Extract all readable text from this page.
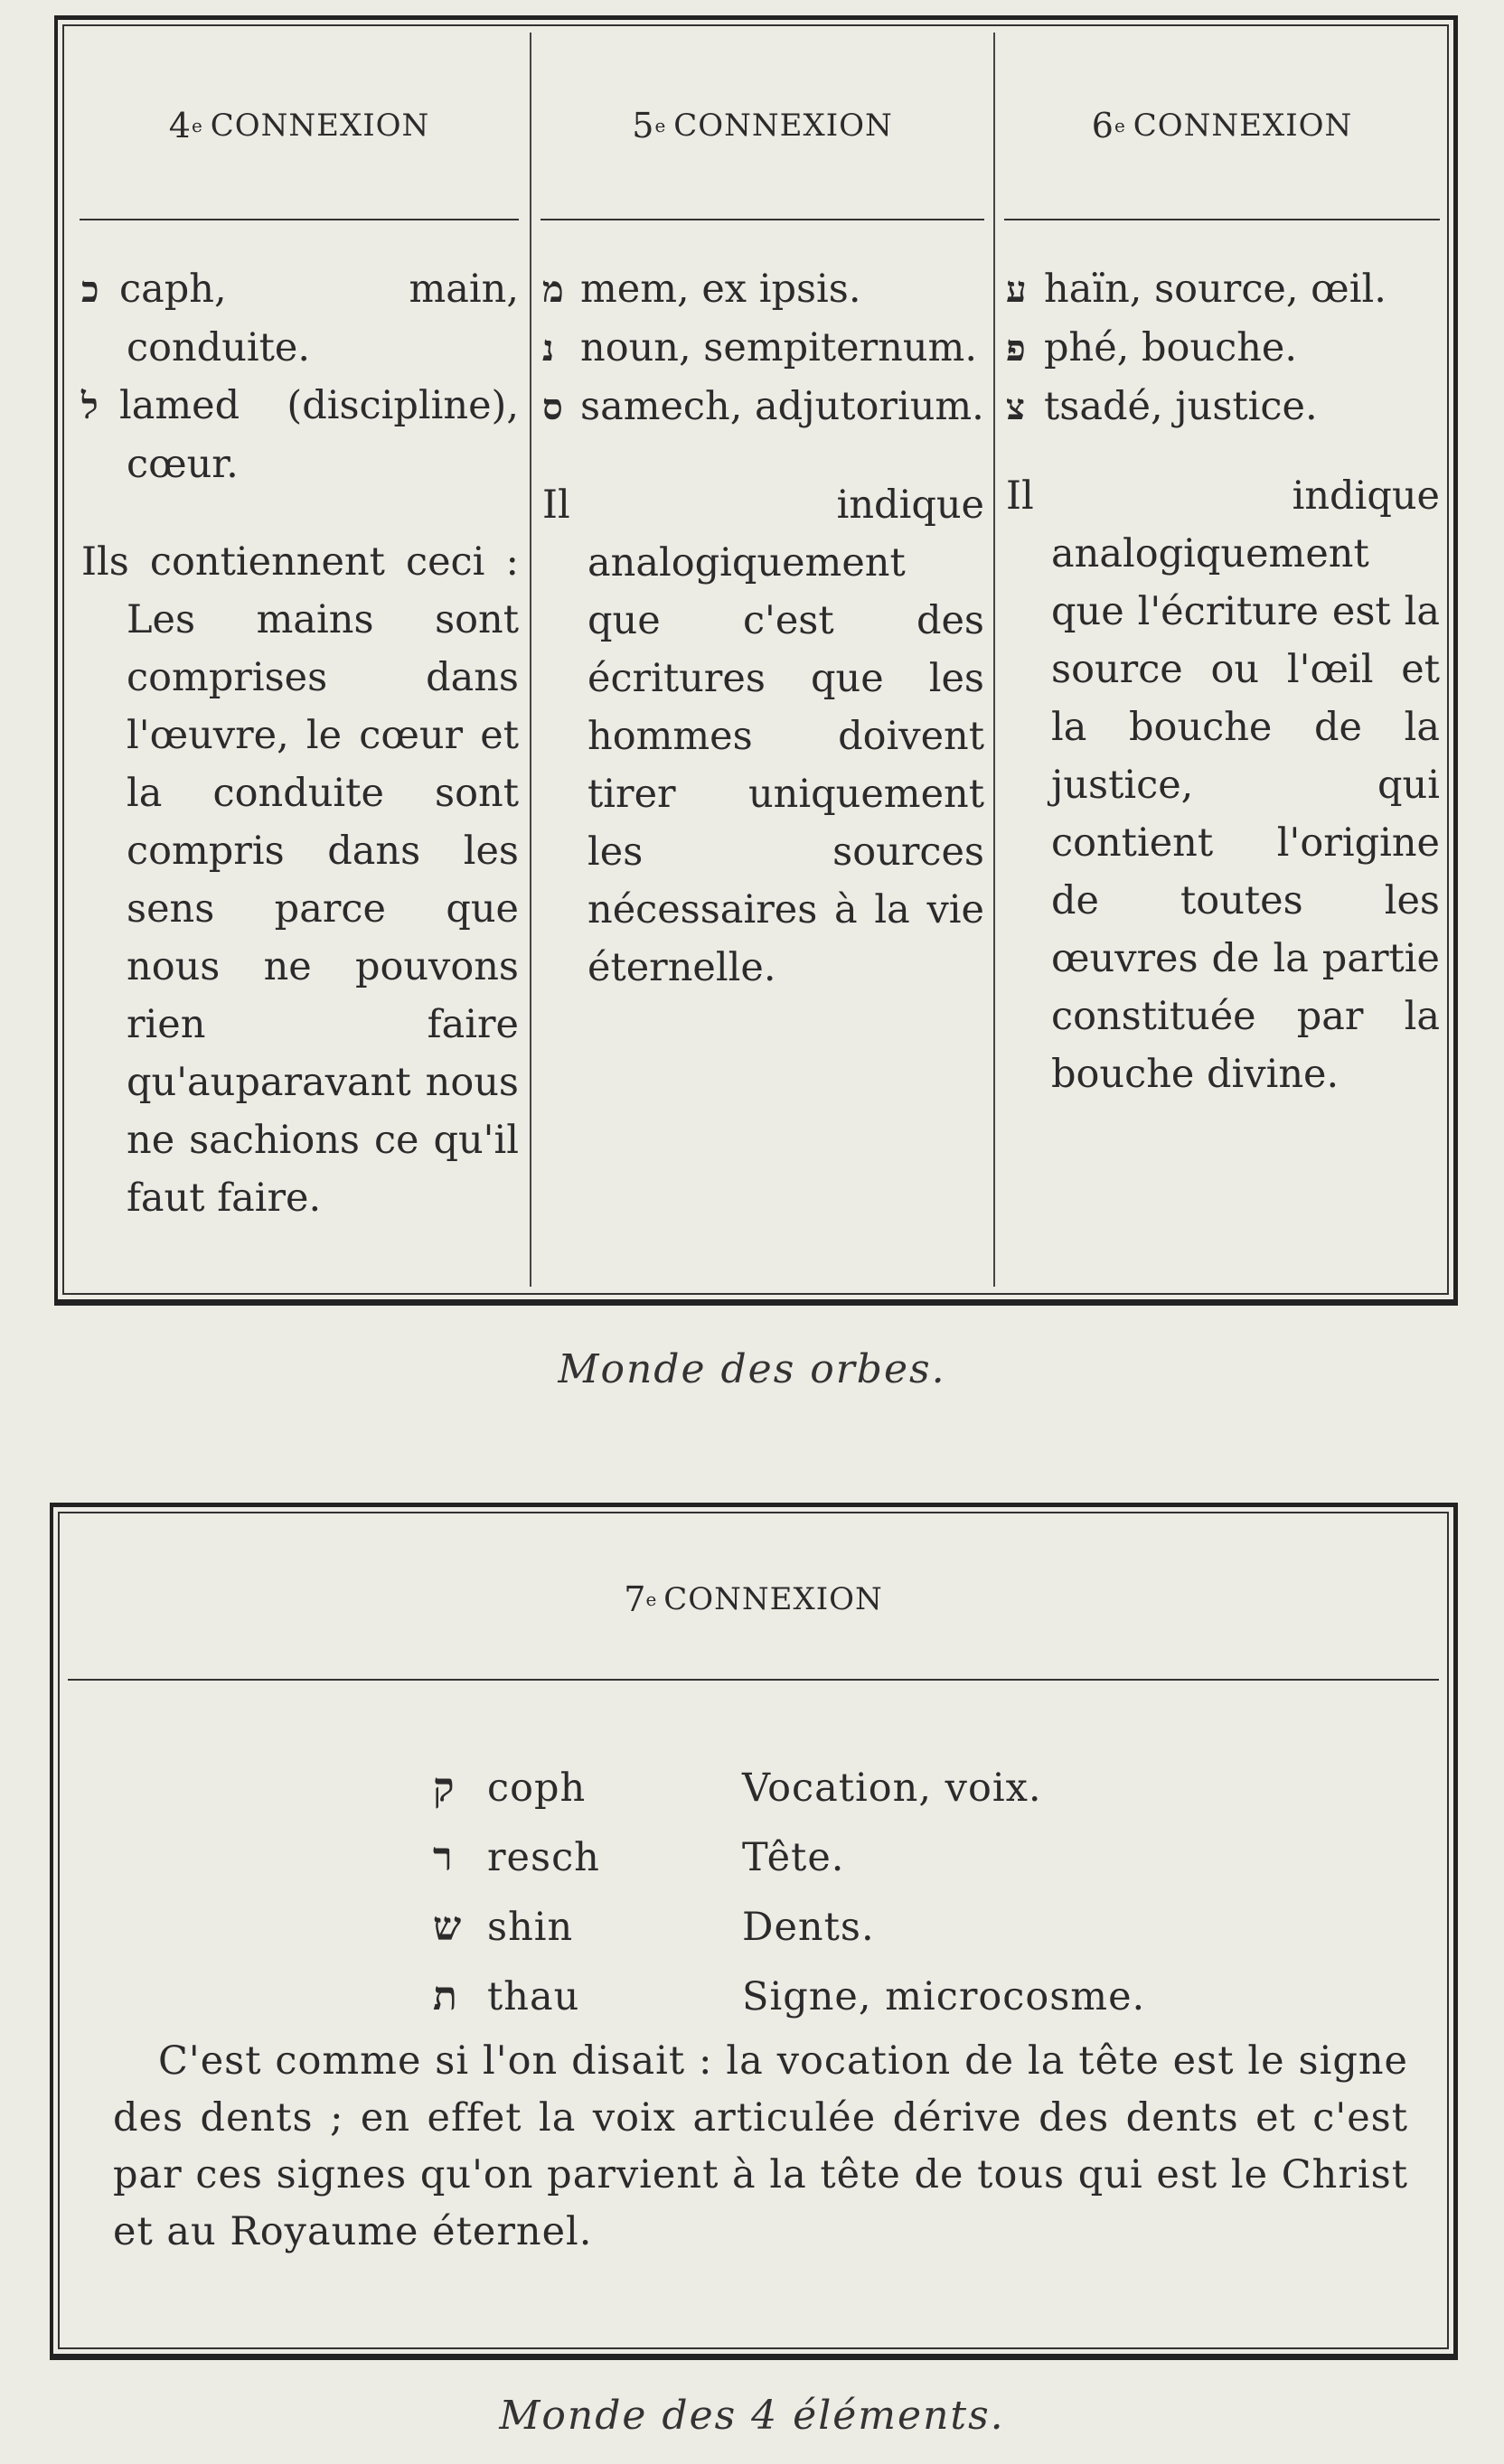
4 e CONNEXION
כ caph, main, conduite.
ל lamed (discipline), cœur.
Ils contiennent ceci : Les mains sont comprises dans l'œuvre, le cœur et la conduite sont compris dans les sens parce que nous ne pouvons rien faire qu'auparavant nous ne sachions ce qu'il faut faire.
5 e CONNEXION
מ mem, ex ipsis.
נ noun, sempiternum.
ס samech, adjutorium.
Il indique analogiquement que c'est des écritures que les hommes doivent tirer uniquement les sources nécessaires à la vie éternelle.
6 e CONNEXION
ע haïn, source, œil.
פ phé, bouche.
צ tsadé, justice.
Il indique analogiquement que l'écriture est la source ou l'œil et la bouche de la justice, qui contient l'origine de toutes les œuvres de la partie constituée par la bouche divine.
Monde des orbes.
7 e CONNEXION
ק coph	Vocation, voix.
ר resch	Tête.
ש shin	Dents.
ת thau	Signe, microcosme.
C'est comme si l'on disait : la vocation de la tête est le signe des dents ; en effet la voix articulée dérive des dents et c'est par ces signes qu'on parvient à la tête de tous qui est le Christ et au Royaume éternel.
Monde des 4 éléments.
